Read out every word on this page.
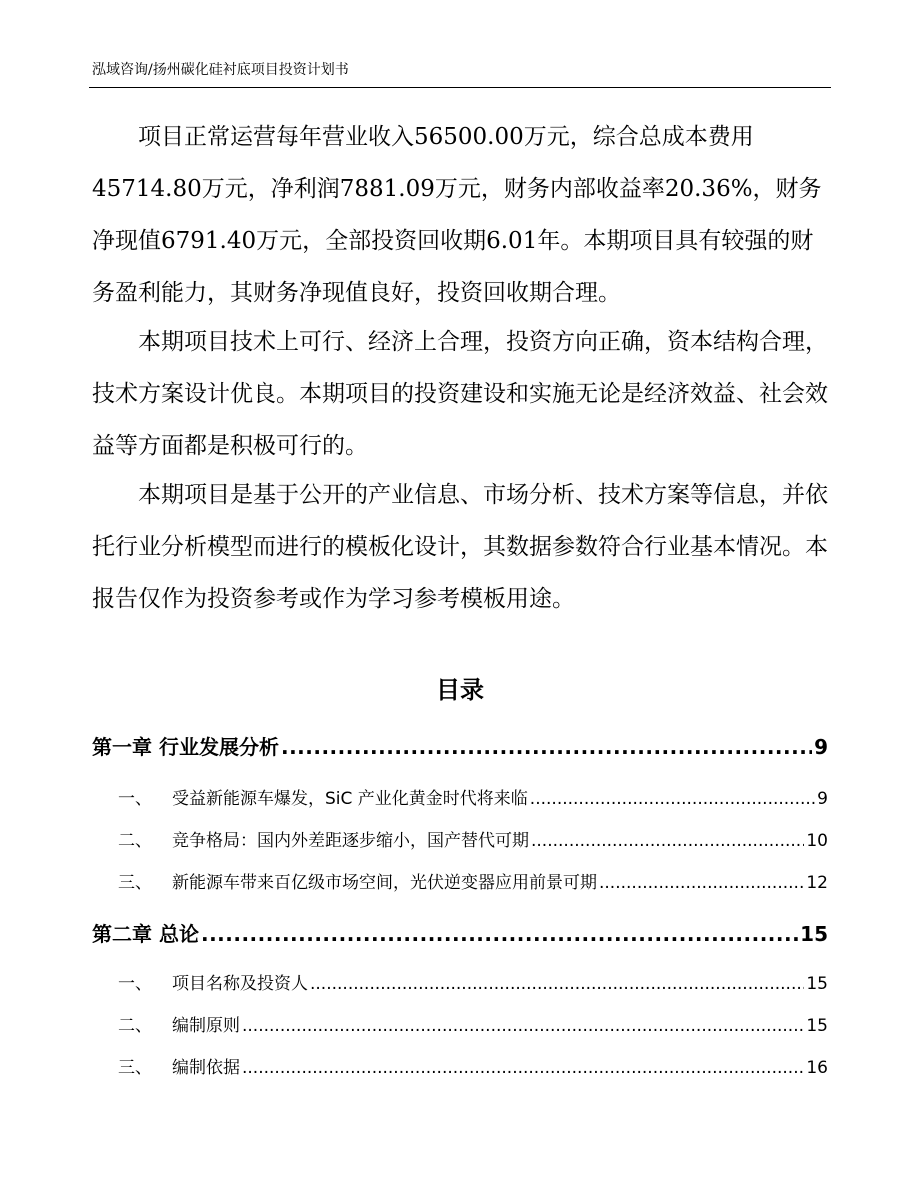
泓域咨询/扬州碳化硅衬底项目投资计划书

项目正常运营每年营业收入56500.00万元，综合总成本费用45714.80万元，净利润7881.09万元，财务内部收益率20.36%，财务净现值6791.40万元，全部投资回收期6.01年。本期项目具有较强的财务盈利能力，其财务净现值良好，投资回收期合理。

本期项目技术上可行、经济上合理，投资方向正确，资本结构合理，技术方案设计优良。本期项目的投资建设和实施无论是经济效益、社会效益等方面都是积极可行的。

本期项目是基于公开的产业信息、市场分析、技术方案等信息，并依托行业分析模型而进行的模板化设计，其数据参数符合行业基本情况。本报告仅作为投资参考或作为学习参考模板用途。

目录
第一章 行业发展分析 .....	9
一、 受益新能源车爆发，SiC 产业化黄金时代将来临 .....	9
二、 竞争格局：国内外差距逐步缩小，国产替代可期 .....	10
三、 新能源车带来百亿级市场空间，光伏逆变器应用前景可期 .....	12
第二章 总论 .....	15
一、 项目名称及投资人 .....	15
二、 编制原则 .....	15
三、 编制依据 .....	16
